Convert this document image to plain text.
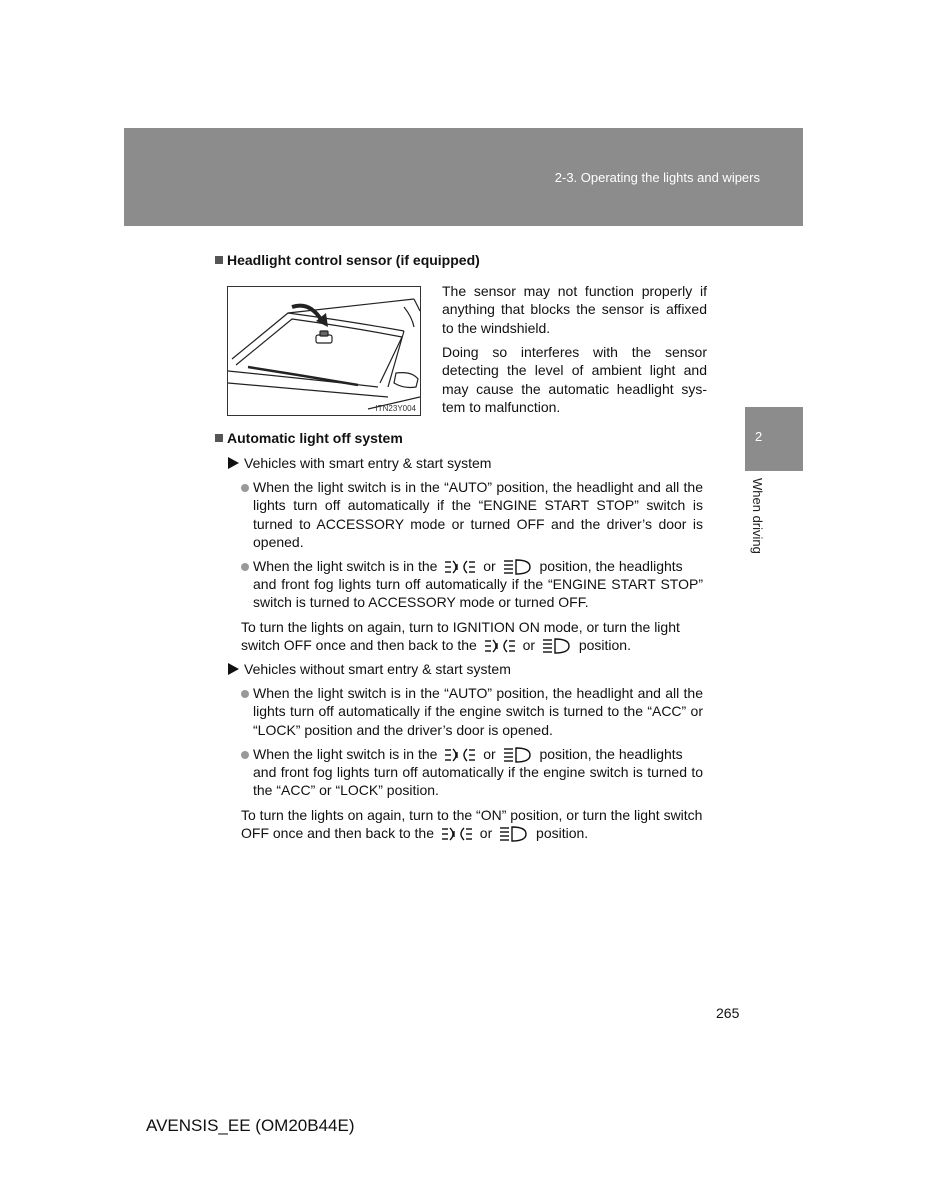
2-3. Operating the lights and wipers
2
When driving
Headlight control sensor (if equipped)
ITN23Y004
The sensor may not function properly if anything that blocks the sensor is affixed to the windshield.
Doing so interferes with the sensor detecting the level of ambient light and may cause the automatic headlight sys-tem to malfunction.
Automatic light off system
Vehicles with smart entry & start system
When the light switch is in the “AUTO” position, the headlight and all the lights turn off automatically if the “ENGINE START STOP” switch is turned to ACCESSORY mode or turned OFF and the driver’s door is opened.
When the light switch is in the	or	position, the headlights
and front fog lights turn off automatically if the “ENGINE START STOP” switch is turned to ACCESSORY mode or turned OFF.
To turn the lights on again, turn to IGNITION ON mode, or turn the light
switch OFF once and then back to the	or	position.
Vehicles without smart entry & start system
When the light switch is in the “AUTO” position, the headlight and all the lights turn off automatically if the engine switch is turned to the “ACC” or “LOCK” position and the driver’s door is opened.
When the light switch is in the	or	position, the headlights
and front fog lights turn off automatically if the engine switch is turned to the “ACC” or “LOCK” position.
To turn the lights on again, turn to the “ON” position, or turn the light switch
OFF once and then back to the	or	position.
265
AVENSIS_EE (OM20B44E)
